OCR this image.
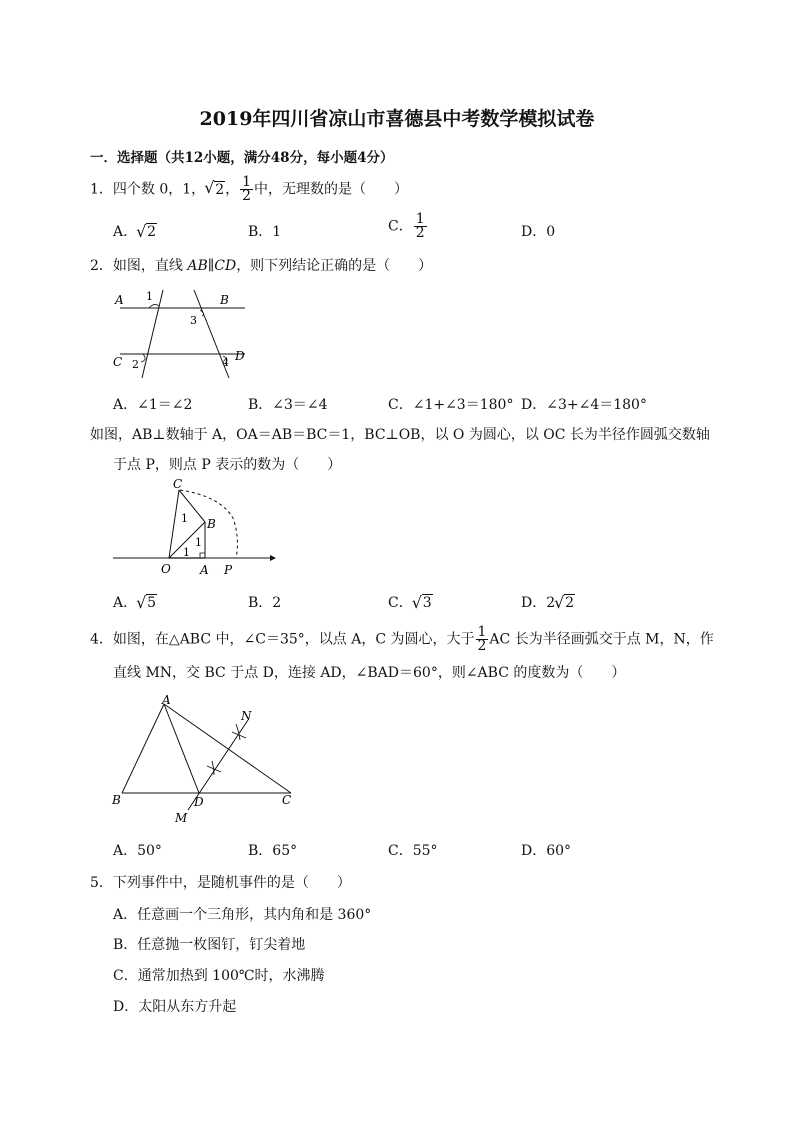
2019年四川省凉山市喜德县中考数学模拟试卷
一．选择题（共12小题，满分48分，每小题4分）
1．四个数 0，1， √ 2， $\frac{1}{2}$ 中，无理数的是（　　）
A． √ 2	B．1	C． $\frac{1}{2}$	D．0
2．如图，直线 AB∥CD，则下列结论正确的是（　　）
A	B
C	D
1
2
3
4
A．∠1＝∠2	B．∠3＝∠4	C．∠1+∠3＝180° D．∠3+∠4＝180°
如图，AB⊥数轴于 A，OA＝AB＝BC＝1，BC⊥OB，以 O 为圆心，以 OC 长为半径作圆弧交数轴
于点 P，则点 P 表示的数为（　　）
C
B
O A P
1
1
1
A． √ 5	B．2	C． √ 3	D．2 √ 2
4．如图，在△ABC 中，∠C＝35°，以点 A，C 为圆心，大于 $\frac{1}{2}$ AC 长为半径画弧交于点 M，N，作
直线 MN，交 BC 于点 D，连接 AD，∠BAD＝60°，则∠ABC 的度数为（　　）
A
B	C
D
M
N
A．50°	B．65°	C．55°	D．60°
5．下列事件中，是随机事件的是（　　）
A．任意画一个三角形，其内角和是 360°
B．任意抛一枚图钉，钉尖着地
C．通常加热到 100℃时，水沸腾
D．太阳从东方升起
